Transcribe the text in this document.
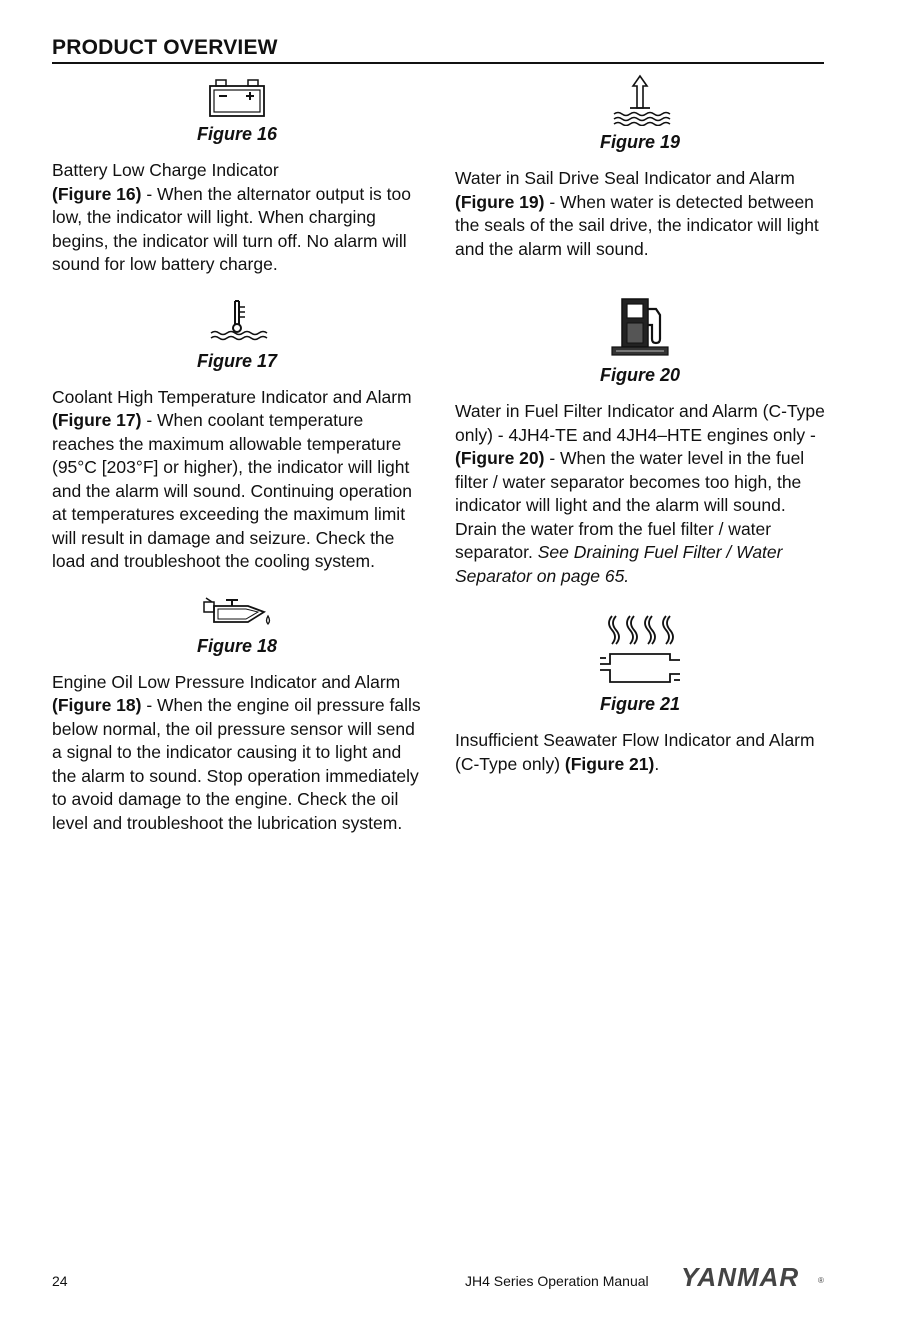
PRODUCT OVERVIEW
Figure 16

Battery Low Charge Indicator
(Figure 16) - When the alternator output is too low, the indicator will light. When charging begins, the indicator will turn off. No alarm will sound for low battery charge.

Figure 17

Coolant High Temperature Indicator and Alarm (Figure 17) - When coolant temperature reaches the maximum allowable temperature (95°C [203°F] or higher), the indicator will light and the alarm will sound. Continuing operation at temperatures exceeding the maximum limit will result in damage and seizure. Check the load and troubleshoot the cooling system.

Figure 18

Engine Oil Low Pressure Indicator and Alarm (Figure 18) - When the engine oil pressure falls below normal, the oil pressure sensor will send a signal to the indicator causing it to light and the alarm to sound. Stop operation immediately to avoid damage to the engine. Check the oil level and troubleshoot the lubrication system.

Figure 19

Water in Sail Drive Seal Indicator and Alarm (Figure 19) - When water is detected between the seals of the sail drive, the indicator will light and the alarm will sound.

Figure 20

Water in Fuel Filter Indicator and Alarm (C-Type only) - 4JH4-TE and 4JH4–HTE engines only - (Figure 20) - When the water level in the fuel filter / water separator becomes too high, the indicator will light and the alarm will sound. Drain the water from the fuel filter / water separator. See Draining Fuel Filter / Water Separator on page 65.

Figure 21

Insufficient Seawater Flow Indicator and Alarm (C-Type only) (Figure 21).

24	JH4 Series Operation Manual YANMAR ®
